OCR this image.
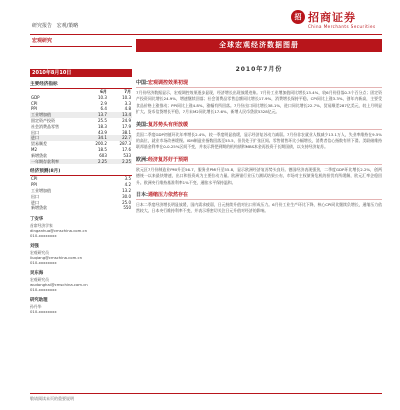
研究报告 宏观/策略
招 招商证券
China Merchants Securities
宏观研究
2010年8月10日
主要经济指标
	6月	7月
GDP	10.3	10.3
CPI	2.9	3.3
PPI	6.4	4.8
工业增加值	13.7	13.4
固定资产投资	25.5	24.9
社会消费品零售	18.3	17.9
出口	43.9	38.1
进口	34.1	22.7
贸易顺差	200.2	287.3
M2	18.5	17.6
新增贷款	603	533
一年期存款利率	2.25	2.25
经济预测(8月)
CPI	3.5
PPI	4.2
工业增加值	13.2
出口	30.0
进口	25.0
新增贷款	550
丁安华
首席经济学家
dinganhua@cmschina.com.cn
010-xxxxxxxx
刘强
宏观研究员
liuqiang@cmschina.com.cn
010-xxxxxxxx
吴东海
宏观研究员
wudonghai@cmschina.com.cn
010-xxxxxxxx
研究助理
孙丹华
010-xxxxxxxx
全球宏观经济数据图册
2010年7月份
中国:宏观调控效果初现
7月份经济数据显示，宏观调控效果逐步显现，经济增长出现放缓迹象。7月份工业增加值同比增长13.4%，较6月份回落0.3个百分点；固定资产投资同比增长24.9%，增速继续回落；社会消费品零售总额同比增长17.9%，消费增长保持平稳。CPI同比上涨3.3%，创年内新高，主要受食品价格上涨推动；PPI同比上涨4.8%，涨幅有所回落。7月份出口同比增长38.1%，进口同比增长22.7%，贸易顺差287亿美元，较上月明显扩大。货币信贷增长平稳，7月末M2同比增长17.6%，新增人民币贷款5328亿元。
美国:复苏势头有所放缓
美国二季度GDP初值环比年率增长2.4%，较一季度明显放缓，显示经济复苏动力减弱。7月份非农就业人数减少13.1万人，失业率维持在9.5%的高位，就业市场改善缓慢。ISM制造业指数回落至55.5，但仍处于扩张区间。零售销售环比小幅增长，消费者信心指数有所下滑。美联储维持联邦基金利率在0-0.25%区间不变，并表示将把到期的机构债和MBS本金再投资于长期国债，以支持经济复苏。
欧洲:经济复苏好于预期
欧元区7月份制造业PMI升至56.7，服务业PMI升至55.8，显示欧洲经济复苏势头良好。德国经济表现强劲，二季度GDP环比增长2.2%，创两德统一以来最快增速，出口和投资成为主要拉动力量。欧洲银行业压力测试结果公布，市场对主权债务危机的担忧有所缓解，欧元汇率企稳回升。欧洲央行维持基准利率1%不变，通胀水平保持温和。
日本:通缩压力依然存在
日本二季度经济增长明显放缓，国内需求疲弱，日元持续升值对出口形成压力。6月份工业生产环比下降，核心CPI同比继续负增长，通缩压力依然较大。日本央行维持利率不变，并表示将密切关注日元升值对经济的影响。
敬请阅读末页的重要说明
